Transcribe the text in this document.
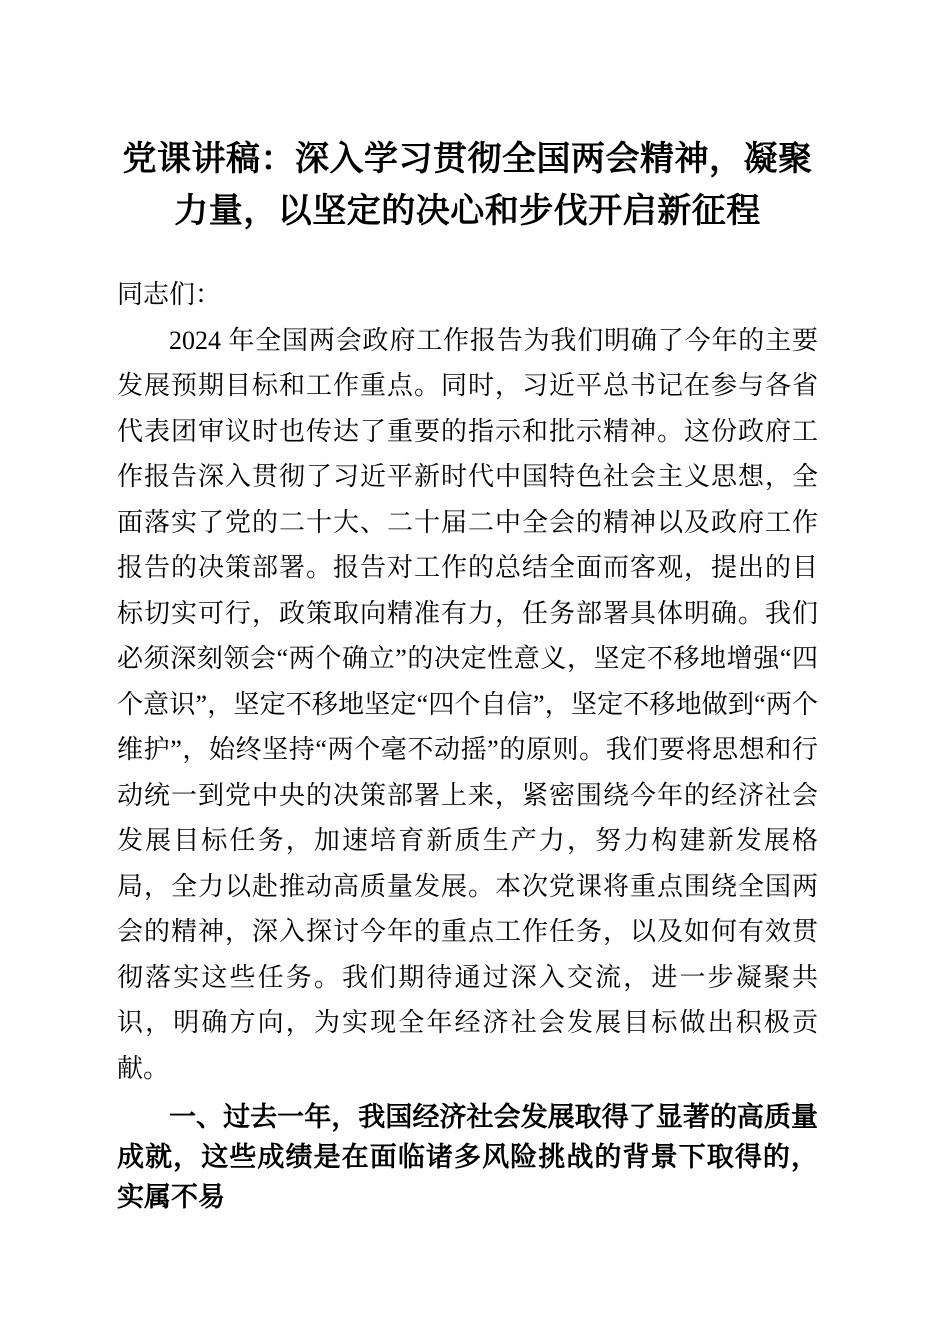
党课讲稿：深入学习贯彻全国两会精神，凝聚
力量，以坚定的决心和步伐开启新征程

同志们：

2024 年全国两会政府工作报告为我们明确了今年的主要发展预期目标和工作重点。同时，习近平总书记在参与各省代表团审议时也传达了重要的指示和批示精神。这份政府工作报告深入贯彻了习近平新时代中国特色社会主义思想，全面落实了党的二十大、二十届二中全会的精神以及政府工作报告的决策部署。报告对工作的总结全面而客观，提出的目标切实可行，政策取向精准有力，任务部署具体明确。我们必须深刻领会“两个确立”的决定性意义，坚定不移地增强“四个意识”，坚定不移地坚定“四个自信”，坚定不移地做到“两个维护”，始终坚持“两个毫不动摇”的原则。我们要将思想和行动统一到党中央的决策部署上来，紧密围绕今年的经济社会发展目标任务，加速培育新质生产力，努力构建新发展格局，全力以赴推动高质量发展。本次党课将重点围绕全国两会的精神，深入探讨今年的重点工作任务，以及如何有效贯彻落实这些任务。我们期待通过深入交流，进一步凝聚共识，明确方向，为实现全年经济社会发展目标做出积极贡献。

一、过去一年，我国经济社会发展取得了显著的高质量成就，这些成绩是在面临诸多风险挑战的背景下取得的，实属不易
